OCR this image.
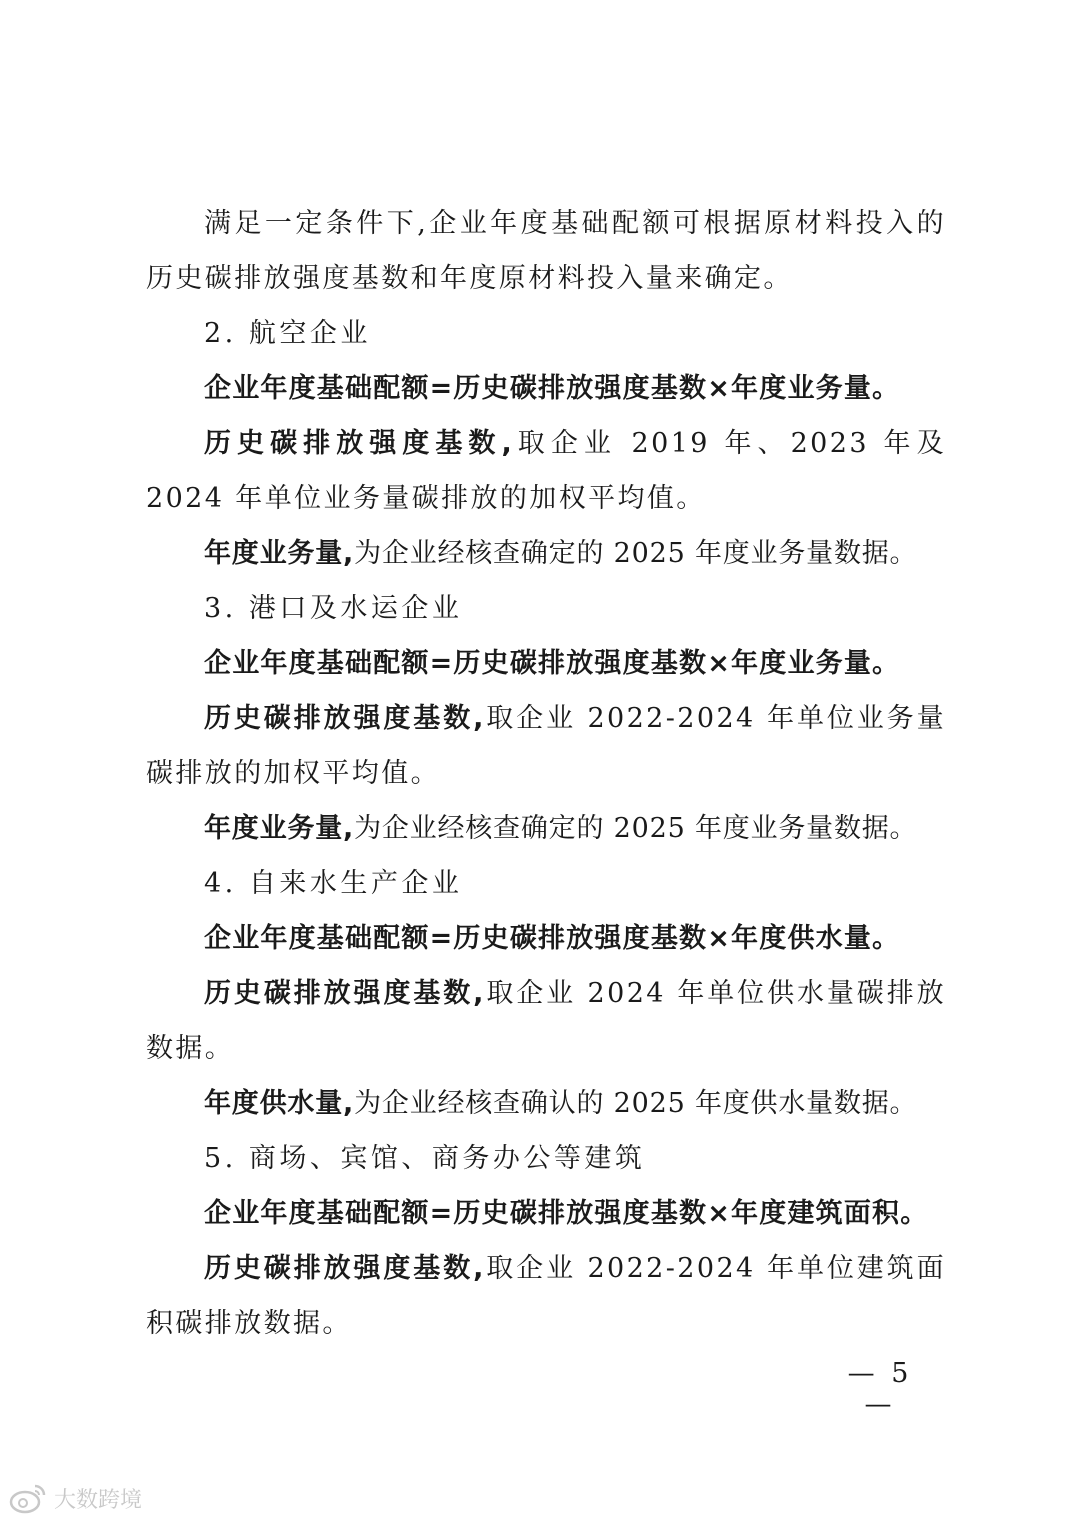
满足一定条件下,企业年度基础配额可根据原材料投入的历史碳排放强度基数和年度原材料投入量来确定。

2. 航空企业

企业年度基础配额=历史碳排放强度基数×年度业务量。

历史碳排放强度基数,取企业 2019 年、2023 年及 2024 年单位业务量碳排放的加权平均值。

年度业务量,为企业经核查确定的 2025 年度业务量数据。

3. 港口及水运企业

企业年度基础配额=历史碳排放强度基数×年度业务量。

历史碳排放强度基数,取企业 2022-2024 年单位业务量碳排放的加权平均值。

年度业务量,为企业经核查确定的 2025 年度业务量数据。

4. 自来水生产企业

企业年度基础配额=历史碳排放强度基数×年度供水量。

历史碳排放强度基数,取企业 2024 年单位供水量碳排放数据。

年度供水量,为企业经核查确认的 2025 年度供水量数据。

5. 商场、宾馆、商务办公等建筑

企业年度基础配额=历史碳排放强度基数×年度建筑面积。

历史碳排放强度基数,取企业 2022-2024 年单位建筑面积碳排放数据。

— 5 —
大数跨境
